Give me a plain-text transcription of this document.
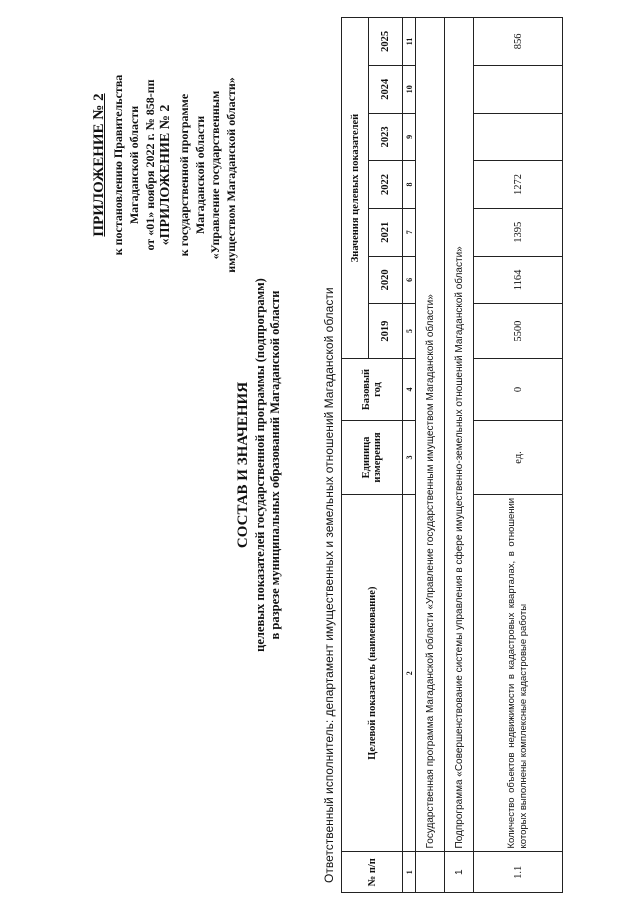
ПРИЛОЖЕНИЕ № 2 к постановлению Правительства Магаданской области от «01» ноября 2022 г. № 858-пп «ПРИЛОЖЕНИЕ № 2 к государственной программе Магаданской области «Управление государственным имуществом Магаданской области»
СОСТАВ И ЗНАЧЕНИЯ целевых показателей государственной программы (подпрограмм) в разрезе муниципальных образований Магаданской области	Ответственный исполнитель: департамент имущественных и земельных отношений Магаданской области	№ п/п	Целевой показатель (наименование)	Единица измерения	Базовый год	Значения целевых показателей						
				2019	2020	2021	2022	2023	2024	2025
1	2	3	4	5	6	7	8	9	10	11
	Государственная программа Магаданской области «Управление государственным имуществом Магаданской области»									
1	Подпрограмма «Совершенствование системы управления в сфере имущественно-земельных отношений Магаданской области»									
1.1	Количество объектов недвижимости в кадастровых кварталах, в отношении которых выполнены комплексные кадастровые работы	ед.	0	5500	1164	1395	1272			856
